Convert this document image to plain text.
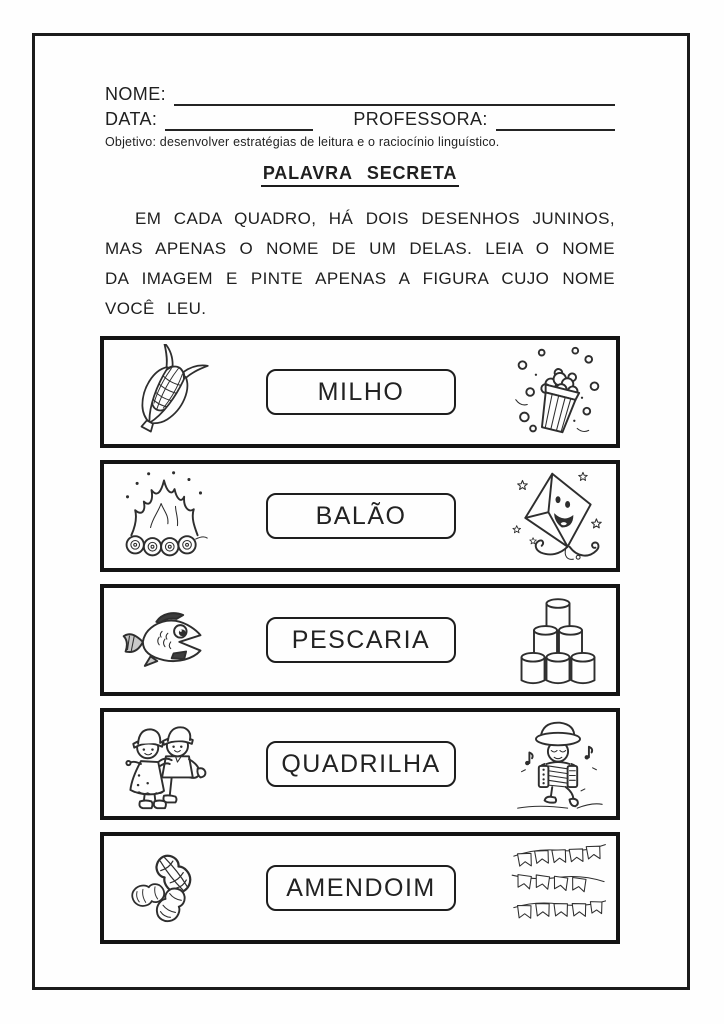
NOME:
DATA:	PROFESSORA:
Objetivo: desenvolver estratégias de leitura e o raciocínio linguístico.
PALAVRA SECRETA

EM CADA QUADRO, HÁ DOIS DESENHOS JUNINOS, MAS APENAS O NOME DE UM DELAS. LEIA O NOME DA IMAGEM E PINTE APENAS A FIGURA CUJO NOME VOCÊ LEU.

MILHO
BALÃO
PESCARIA
QUADRILHA
AMENDOIM
